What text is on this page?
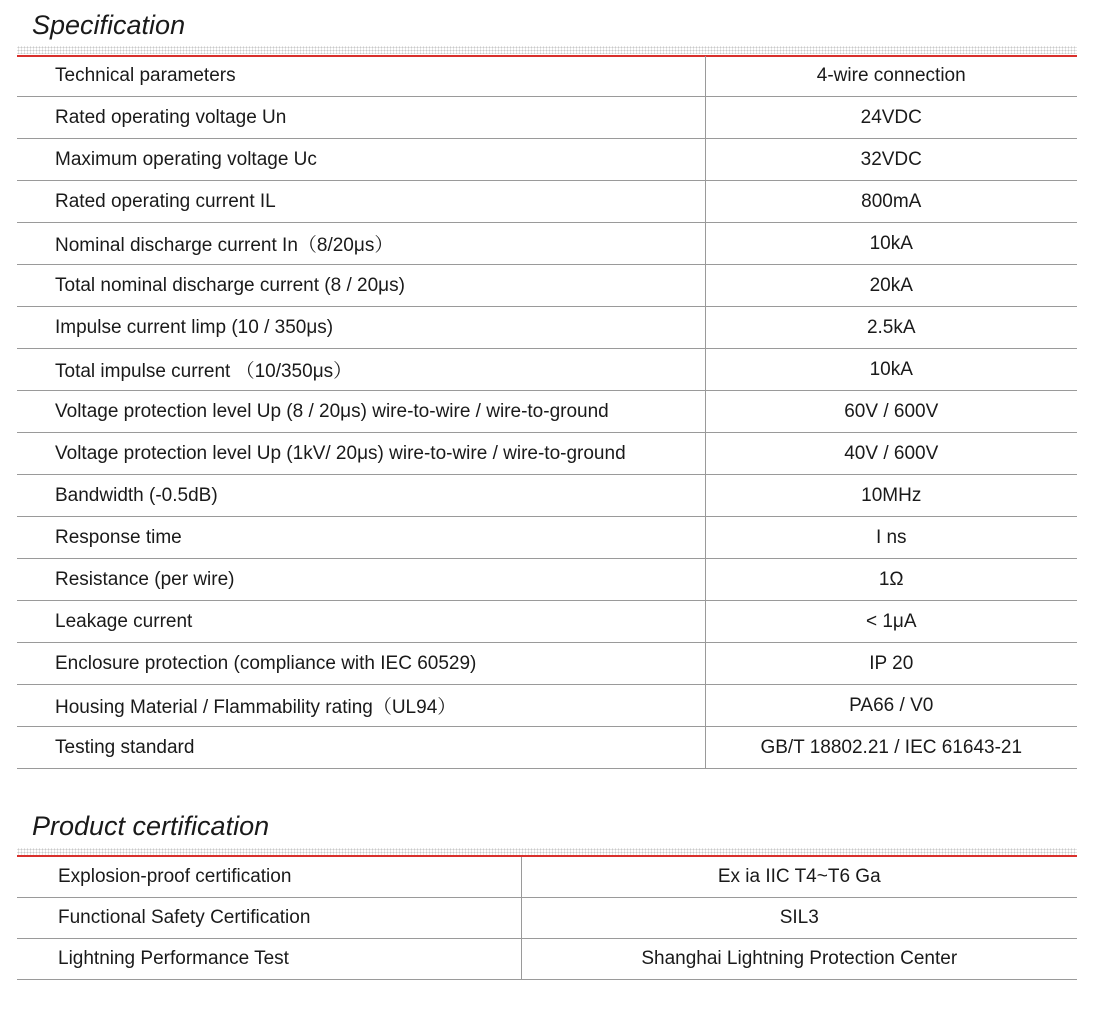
Specification
Technical parameters	4-wire connection
Rated operating voltage Un	24VDC
Maximum operating voltage Uc	32VDC
Rated operating current IL	800mA
Nominal discharge current In（8/20μs）	10kA
Total nominal discharge current (8 / 20μs)	20kA
Impulse current limp (10 / 350μs)	2.5kA
Total impulse current （10/350μs）	10kA
Voltage protection level Up (8 / 20μs) wire-to-wire / wire-to-ground	60V / 600V
Voltage protection level Up (1kV/ 20μs) wire-to-wire / wire-to-ground	40V / 600V
Bandwidth (-0.5dB)	10MHz
Response time	I ns
Resistance (per wire)	1Ω
Leakage current	< 1μA
Enclosure protection (compliance with IEC 60529)	IP 20
Housing Material / Flammability rating（UL94）	PA66 / V0
Testing standard	GB/T 18802.21 / IEC 61643-21
Product certification
Explosion-proof certification	Ex ia IIC T4~T6 Ga
Functional Safety Certification	SIL3
Lightning Performance Test	Shanghai Lightning Protection Center
